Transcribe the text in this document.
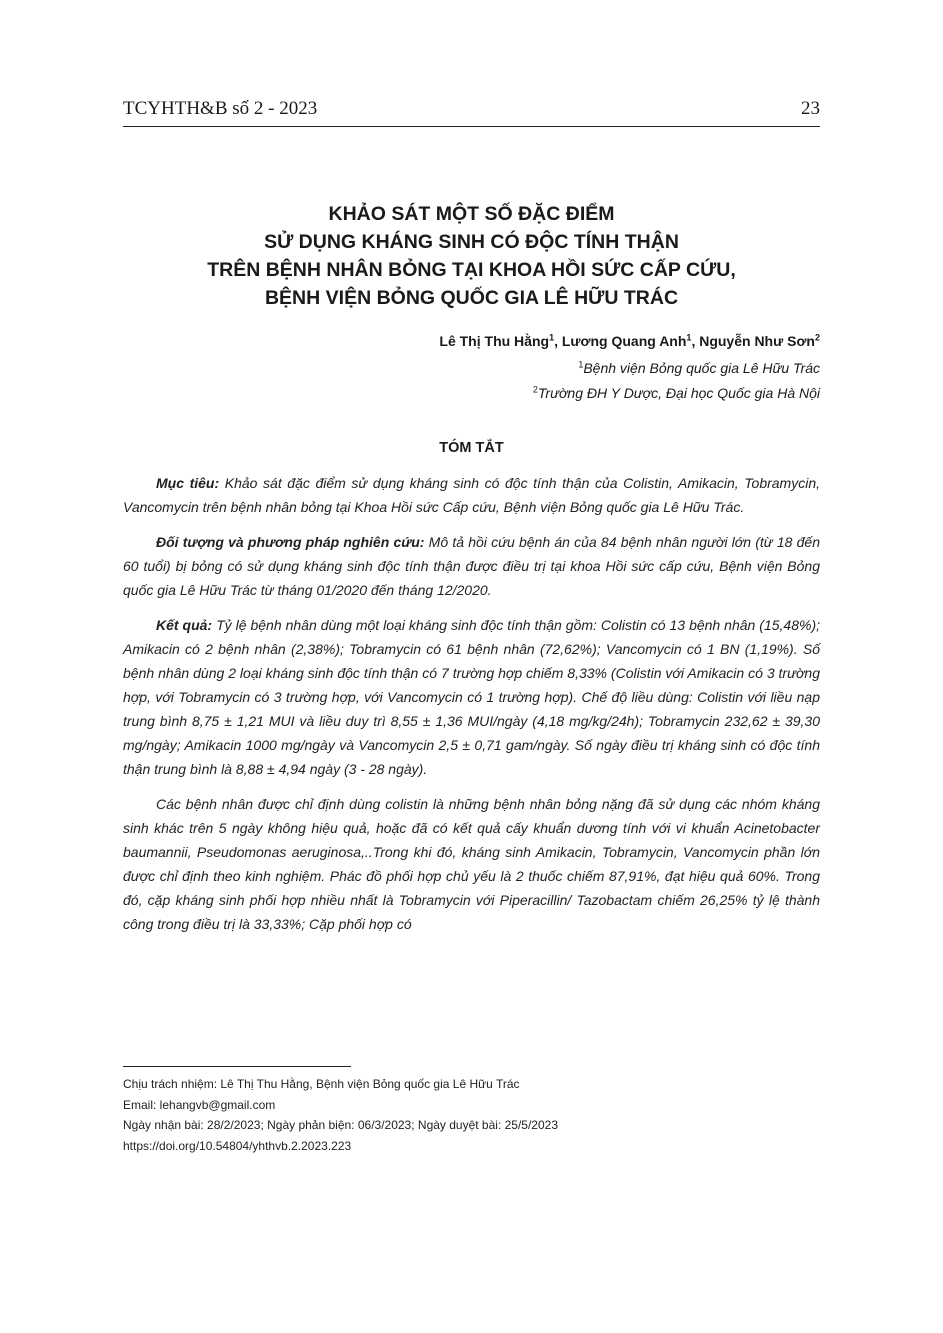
TCYHTH&B số 2 - 2023	23
KHẢO SÁT MỘT SỐ ĐẶC ĐIỂM
SỬ DỤNG KHÁNG SINH CÓ ĐỘC TÍNH THẬN
TRÊN BỆNH NHÂN BỎNG TẠI KHOA HỒI SỨC CẤP CỨU,
BỆNH VIỆN BỎNG QUỐC GIA LÊ HỮU TRÁC
Lê Thị Thu Hằng$^1$, Lương Quang Anh$^1$, Nguyễn Như Sơn$^2$
$^1$Bệnh viện Bỏng quốc gia Lê Hữu Trác
$^2$Trường ĐH Y Dược, Đại học Quốc gia Hà Nội
TÓM TẮT

Mục tiêu: Khảo sát đặc điểm sử dụng kháng sinh có độc tính thận của Colistin, Amikacin, Tobramycin, Vancomycin trên bệnh nhân bỏng tại Khoa Hồi sức Cấp cứu, Bệnh viện Bỏng quốc gia Lê Hữu Trác.

Đối tượng và phương pháp nghiên cứu: Mô tả hồi cứu bệnh án của 84 bệnh nhân người lớn (từ 18 đến 60 tuổi) bị bỏng có sử dụng kháng sinh độc tính thận được điều trị tại khoa Hồi sức cấp cứu, Bệnh viện Bỏng quốc gia Lê Hữu Trác từ tháng 01/2020 đến tháng 12/2020.

Kết quả: Tỷ lệ bệnh nhân dùng một loại kháng sinh độc tính thận gồm: Colistin có 13 bệnh nhân (15,48%); Amikacin có 2 bệnh nhân (2,38%); Tobramycin có 61 bệnh nhân (72,62%); Vancomycin có 1 BN (1,19%). Số bệnh nhân dùng 2 loại kháng sinh độc tính thận có 7 trường hợp chiếm 8,33% (Colistin với Amikacin có 3 trường hợp, với Tobramycin có 3 trường hợp, với Vancomycin có 1 trường hợp). Chế độ liều dùng: Colistin với liều nạp trung bình 8,75 ± 1,21 MUI và liều duy trì 8,55 ± 1,36 MUI/ngày (4,18 mg/kg/24h); Tobramycin 232,62 ± 39,30 mg/ngày; Amikacin 1000 mg/ngày và Vancomycin 2,5 ± 0,71 gam/ngày. Số ngày điều trị kháng sinh có độc tính thận trung bình là 8,88 ± 4,94 ngày (3 - 28 ngày).

Các bệnh nhân được chỉ định dùng colistin là những bệnh nhân bỏng nặng đã sử dụng các nhóm kháng sinh khác trên 5 ngày không hiệu quả, hoặc đã có kết quả cấy khuẩn dương tính với vi khuẩn Acinetobacter baumannii, Pseudomonas aeruginosa,..Trong khi đó, kháng sinh Amikacin, Tobramycin, Vancomycin phần lớn được chỉ định theo kinh nghiệm. Phác đồ phối hợp chủ yếu là 2 thuốc chiếm 87,91%, đạt hiệu quả 60%. Trong đó, cặp kháng sinh phối hợp nhiều nhất là Tobramycin với Piperacillin/ Tazobactam chiếm 26,25% tỷ lệ thành công trong điều trị là 33,33%; Cặp phối hợp có

Chịu trách nhiệm: Lê Thị Thu Hằng, Bệnh viện Bỏng quốc gia Lê Hữu Trác
Email: lehangvb@gmail.com
Ngày nhận bài: 28/2/2023; Ngày phản biện: 06/3/2023; Ngày duyệt bài: 25/5/2023
https://doi.org/10.54804/yhthvb.2.2023.223
